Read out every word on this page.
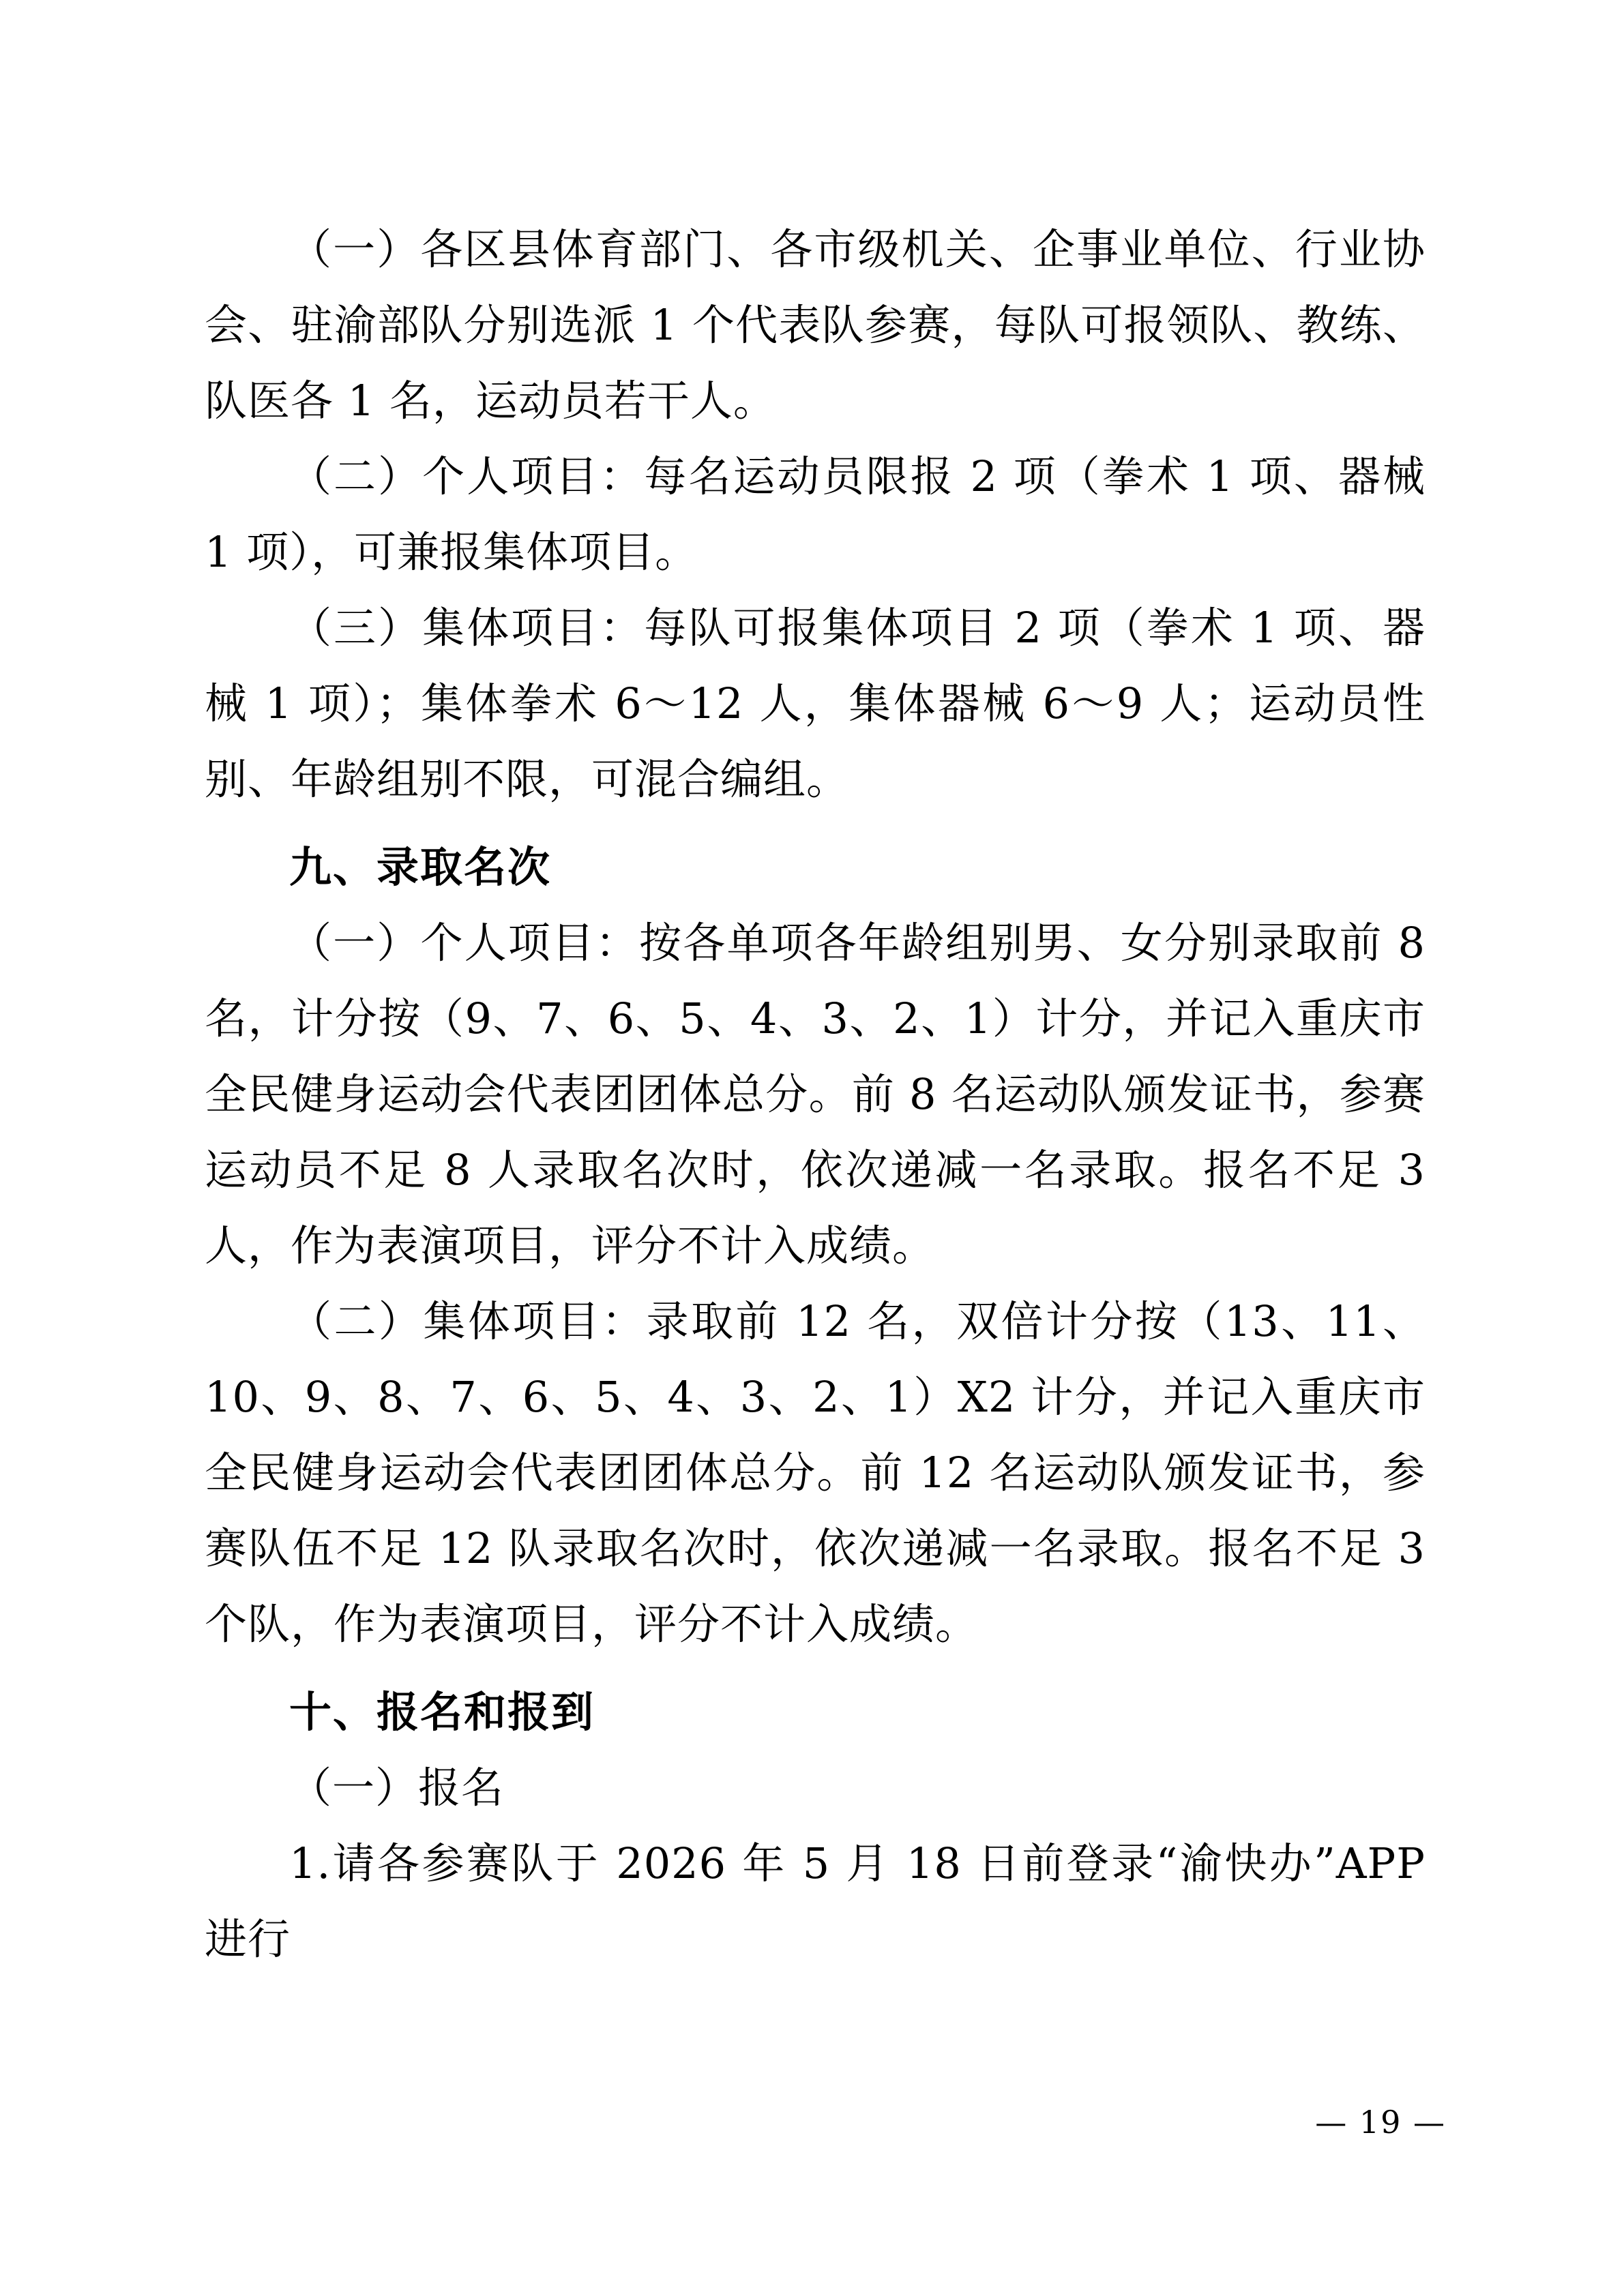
（一）各区县体育部门、各市级机关、企事业单位、行业协会、驻渝部队分别选派 1 个代表队参赛，每队可报领队、教练、队医各 1 名，运动员若干人。

（二）个人项目：每名运动员限报 2 项（拳术 1 项、器械 1 项），可兼报集体项目。

（三）集体项目：每队可报集体项目 2 项（拳术 1 项、器械 1 项）；集体拳术 6～12 人，集体器械 6～9 人；运动员性别、年龄组别不限，可混合编组。

九、录取名次

（一）个人项目：按各单项各年龄组别男、女分别录取前 8 名，计分按（9、7、6、5、4、3、2、1）计分，并记入重庆市全民健身运动会代表团团体总分。前 8 名运动队颁发证书，参赛运动员不足 8 人录取名次时，依次递减一名录取。报名不足 3 人，作为表演项目，评分不计入成绩。

（二）集体项目：录取前 12 名，双倍计分按（13、11、10、9、8、7、6、5、4、3、2、1）X2 计分，并记入重庆市全民健身运动会代表团团体总分。前 12 名运动队颁发证书，参赛队伍不足 12 队录取名次时，依次递减一名录取。报名不足 3 个队，作为表演项目，评分不计入成绩。

十、报名和报到

（一）报名

1.请各参赛队于 2026 年 5 月 18 日前登录“渝快办”APP 进行

— 19 —
